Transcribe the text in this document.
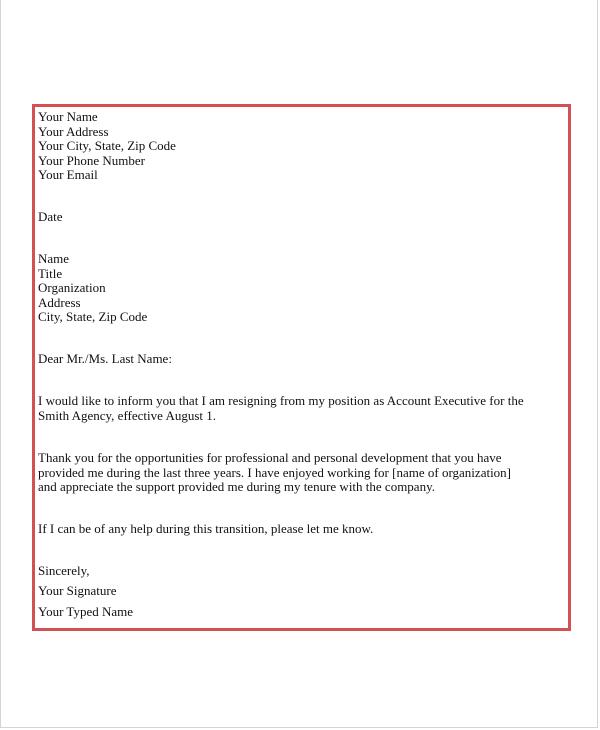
Your Name
Your Address
Your City, State, Zip Code
Your Phone Number
Your Email
Date
Name
Title
Organization
Address
City, State, Zip Code
Dear Mr./Ms. Last Name:
I would like to inform you that I am resigning from my position as Account Executive for the
Smith Agency, effective August 1.
Thank you for the opportunities for professional and personal development that you have
provided me during the last three years. I have enjoyed working for [name of organization]
and appreciate the support provided me during my tenure with the company.
If I can be of any help during this transition, please let me know.
Sincerely,
Your Signature
Your Typed Name
